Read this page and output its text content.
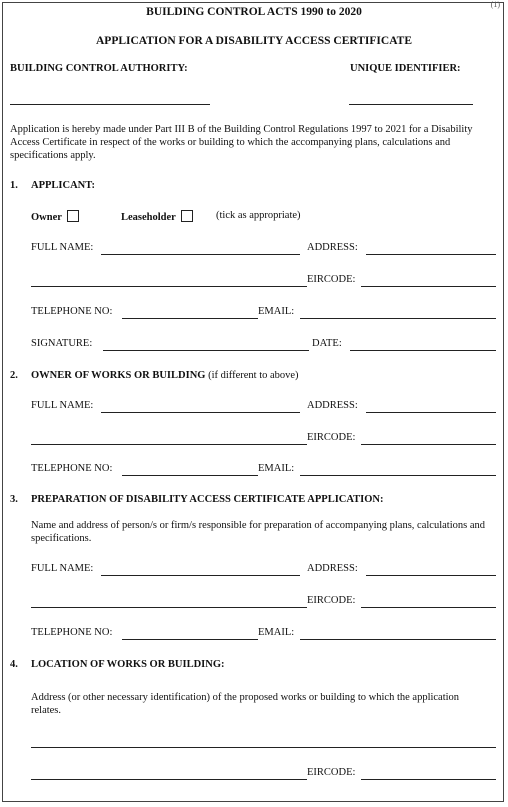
(1)
BUILDING CONTROL ACTS 1990 to 2020
APPLICATION FOR A DISABILITY ACCESS CERTIFICATE
BUILDING CONTROL AUTHORITY:	UNIQUE IDENTIFIER:
Application is hereby made under Part III B of the Building Control Regulations 1997 to 2021 for a Disability Access Certificate in respect of the works or building to which the accompanying plans, calculations and specifications apply.
1. APPLICANT:
Owner	Leaseholder	(tick as appropriate)
FULL NAME:	ADDRESS:
EIRCODE:
TELEPHONE NO:	EMAIL:
SIGNATURE:	DATE:
2. OWNER OF WORKS OR BUILDING (if different to above)
FULL NAME:	ADDRESS:
EIRCODE:
TELEPHONE NO:	EMAIL:
3. PREPARATION OF DISABILITY ACCESS CERTIFICATE APPLICATION:
Name and address of person/s or firm/s responsible for preparation of accompanying plans, calculations and specifications.
FULL NAME:	ADDRESS:
EIRCODE:
TELEPHONE NO:	EMAIL:
4. LOCATION OF WORKS OR BUILDING:
Address (or other necessary identification) of the proposed works or building to which the application relates.
EIRCODE:
